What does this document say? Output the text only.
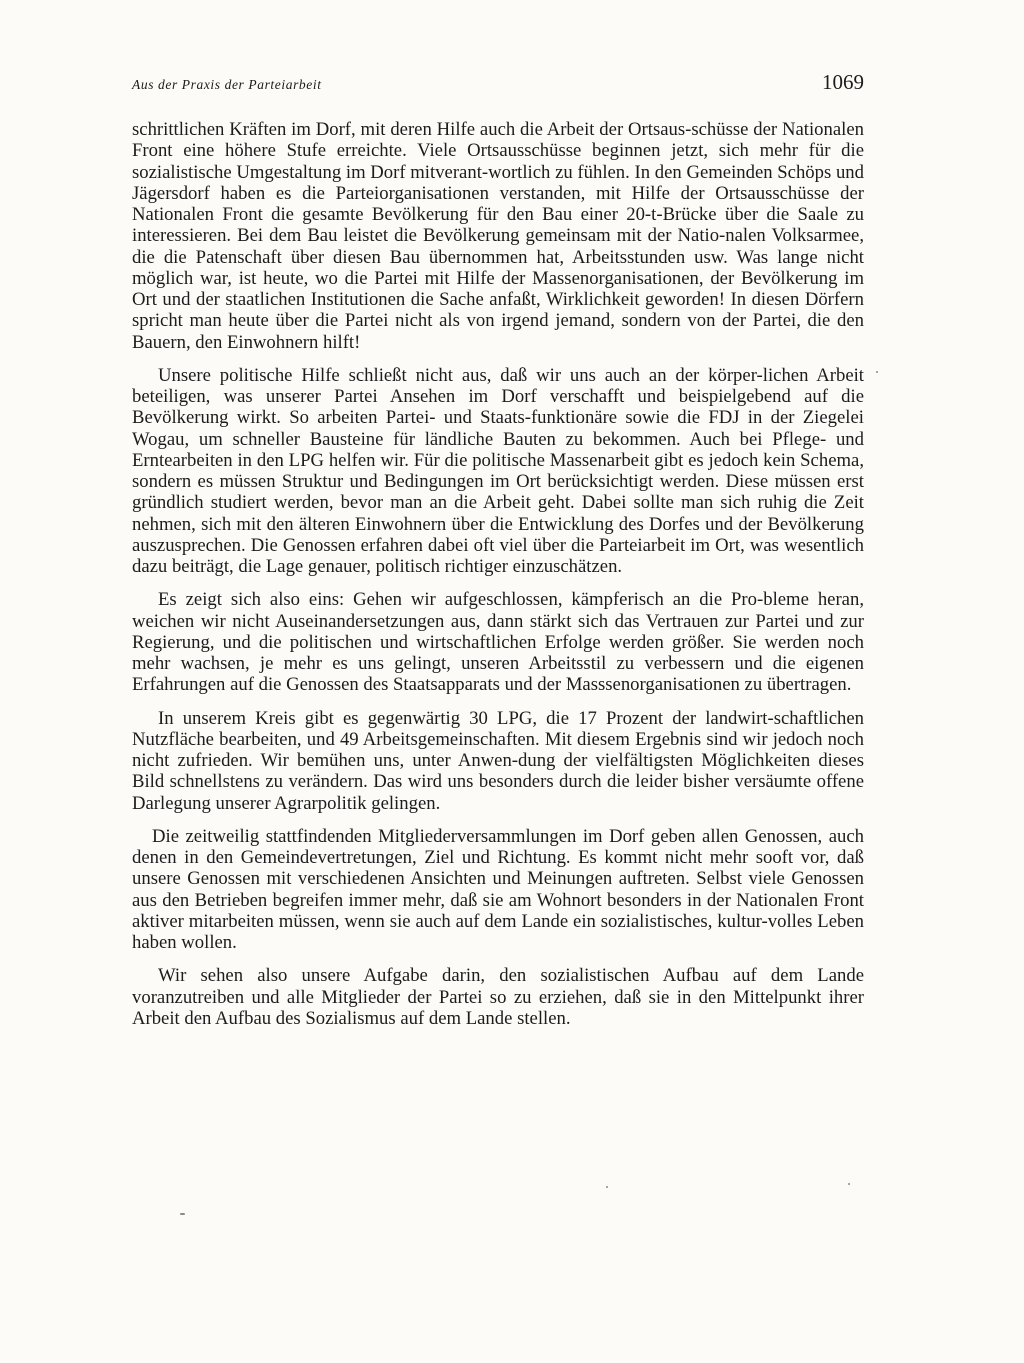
Aus der Praxis der Parteiarbeit	1069

schrittlichen Kräften im Dorf, mit deren Hilfe auch die Arbeit der Ortsaus-schüsse der Nationalen Front eine höhere Stufe erreichte. Viele Ortsausschüsse beginnen jetzt, sich mehr für die sozialistische Umgestaltung im Dorf mitverant-wortlich zu fühlen. In den Gemeinden Schöps und Jägersdorf haben es die Parteiorganisationen verstanden, mit Hilfe der Ortsausschüsse der Nationalen Front die gesamte Bevölkerung für den Bau einer 20-t-Brücke über die Saale zu interessieren. Bei dem Bau leistet die Bevölkerung gemeinsam mit der Natio-nalen Volksarmee, die die Patenschaft über diesen Bau übernommen hat, Arbeitsstunden usw. Was lange nicht möglich war, ist heute, wo die Partei mit Hilfe der Massenorganisationen, der Bevölkerung im Ort und der staatlichen Institutionen die Sache anfaßt, Wirklichkeit geworden! In diesen Dörfern spricht man heute über die Partei nicht als von irgend jemand, sondern von der Partei, die den Bauern, den Einwohnern hilft!

Unsere politische Hilfe schließt nicht aus, daß wir uns auch an der körper-lichen Arbeit beteiligen, was unserer Partei Ansehen im Dorf verschafft und beispielgebend auf die Bevölkerung wirkt. So arbeiten Partei- und Staats-funktionäre sowie die FDJ in der Ziegelei Wogau, um schneller Bausteine für ländliche Bauten zu bekommen. Auch bei Pflege- und Erntearbeiten in den LPG helfen wir. Für die politische Massenarbeit gibt es jedoch kein Schema, sondern es müssen Struktur und Bedingungen im Ort berücksichtigt werden. Diese müssen erst gründlich studiert werden, bevor man an die Arbeit geht. Dabei sollte man sich ruhig die Zeit nehmen, sich mit den älteren Einwohnern über die Entwicklung des Dorfes und der Bevölkerung auszusprechen. Die Genossen erfahren dabei oft viel über die Parteiarbeit im Ort, was wesentlich dazu beiträgt, die Lage genauer, politisch richtiger einzuschätzen.

Es zeigt sich also eins: Gehen wir aufgeschlossen, kämpferisch an die Pro-bleme heran, weichen wir nicht Auseinandersetzungen aus, dann stärkt sich das Vertrauen zur Partei und zur Regierung, und die politischen und wirtschaftlichen Erfolge werden größer. Sie werden noch mehr wachsen, je mehr es uns gelingt, unseren Arbeitsstil zu verbessern und die eigenen Erfahrungen auf die Genossen des Staatsapparats und der Masssenorganisationen zu übertragen.

In unserem Kreis gibt es gegenwärtig 30 LPG, die 17 Prozent der landwirt-schaftlichen Nutzfläche bearbeiten, und 49 Arbeitsgemeinschaften. Mit diesem Ergebnis sind wir jedoch noch nicht zufrieden. Wir bemühen uns, unter Anwen-dung der vielfältigsten Möglichkeiten dieses Bild schnellstens zu verändern. Das wird uns besonders durch die leider bisher versäumte offene Darlegung unserer Agrarpolitik gelingen.

Die zeitweilig stattfindenden Mitgliederversammlungen im Dorf geben allen Genossen, auch denen in den Gemeindevertretungen, Ziel und Richtung. Es kommt nicht mehr sooft vor, daß unsere Genossen mit verschiedenen Ansichten und Meinungen auftreten. Selbst viele Genossen aus den Betrieben begreifen immer mehr, daß sie am Wohnort besonders in der Nationalen Front aktiver mitarbeiten müssen, wenn sie auch auf dem Lande ein sozialistisches, kultur-volles Leben haben wollen.

Wir sehen also unsere Aufgabe darin, den sozialistischen Aufbau auf dem Lande voranzutreiben und alle Mitglieder der Partei so zu erziehen, daß sie in den Mittelpunkt ihrer Arbeit den Aufbau des Sozialismus auf dem Lande stellen.
